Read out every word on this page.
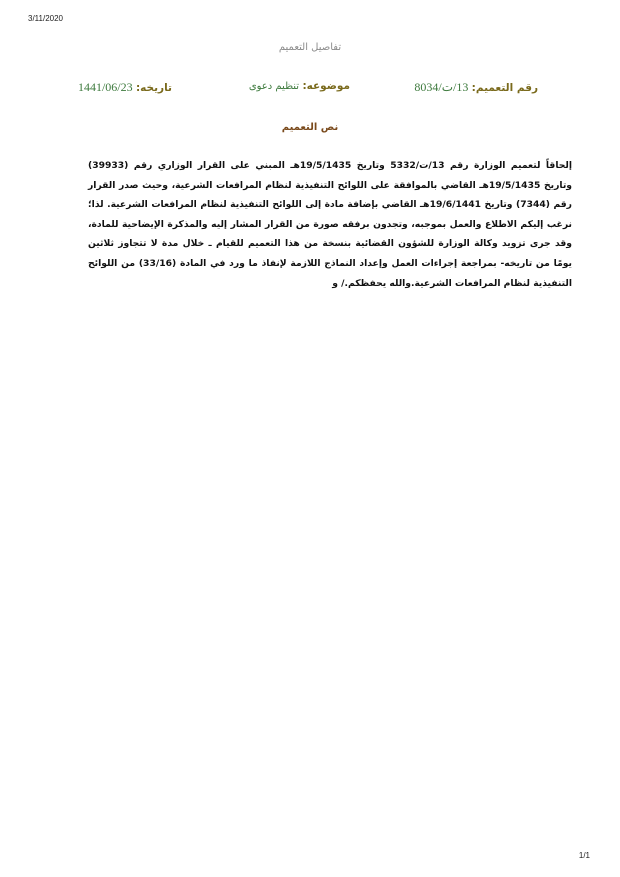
3/11/2020
تفاصيل التعميم
رقم التعميم: 13/ت/8034
موضوعه: تنظيم دعوى
تاريخه: 1441/06/23
نص التعميم
إلحاقاً لتعميم الوزارة رقم 13/ت/5332 وتاريخ 19/5/1435هـ المبني على القرار الوزاري رقم (39933) وتاريخ 19/5/1435هـ القاضي بالموافقة على اللوائح التنفيذية لنظام المرافعات الشرعية، وحيث صدر القرار رقم (7344) وتاريخ 19/6/1441هـ القاضي بإضافة مادة إلى اللوائح التنفيذية لنظام المرافعات الشرعية. لذا؛ نرغب إليكم الاطلاع والعمل بموجبه، وتجدون برفقه صورة من القرار المشار إليه والمذكرة الإيضاحية للمادة، وقد جرى تزويد وكالة الوزارة للشؤون القضائية بنسخة من هذا التعميم للقيام ـ خلال مدة لا تتجاوز ثلاثين يومًا من تاريخه- بمراجعة إجراءات العمل وإعداد النماذج اللازمة لإنفاذ ما ورد في المادة (33/16) من اللوائح التنفيذية لنظام المرافعات الشرعية.والله يحفظكم./ و
1/1
